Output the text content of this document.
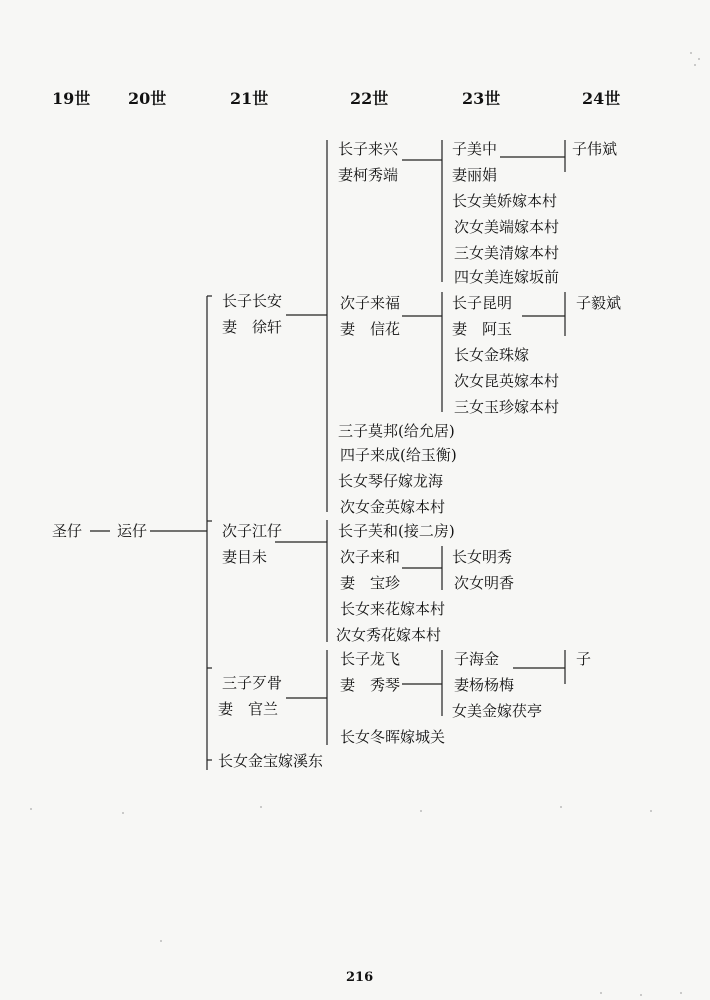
19世 20世	21世	22世	23世	24世
圣仔 运仔
长子长安
妻　徐轩
次子江仔
妻目未
三子歹骨
妻　官兰
长女金宝嫁溪东
长子来兴
妻柯秀端
次子来福
妻　信花
三子莫邦(给允居)
四子来成(给玉衡)
长女琴仔嫁龙海
次女金英嫁本村
长子芙和(接二房)
次子来和
妻　宝珍
长女来花嫁本村
次女秀花嫁本村
长子龙飞
妻　秀琴
长女冬晖嫁城关
子美中
妻丽娟
长女美娇嫁本村
次女美端嫁本村
三女美清嫁本村
四女美连嫁坂前
长子昆明
妻　阿玉
长女金珠嫁
次女昆英嫁本村
三女玉珍嫁本村
长女明秀
次女明香
子海金
妻杨杨梅
女美金嫁茯亭
子伟斌
子毅斌
子
216
